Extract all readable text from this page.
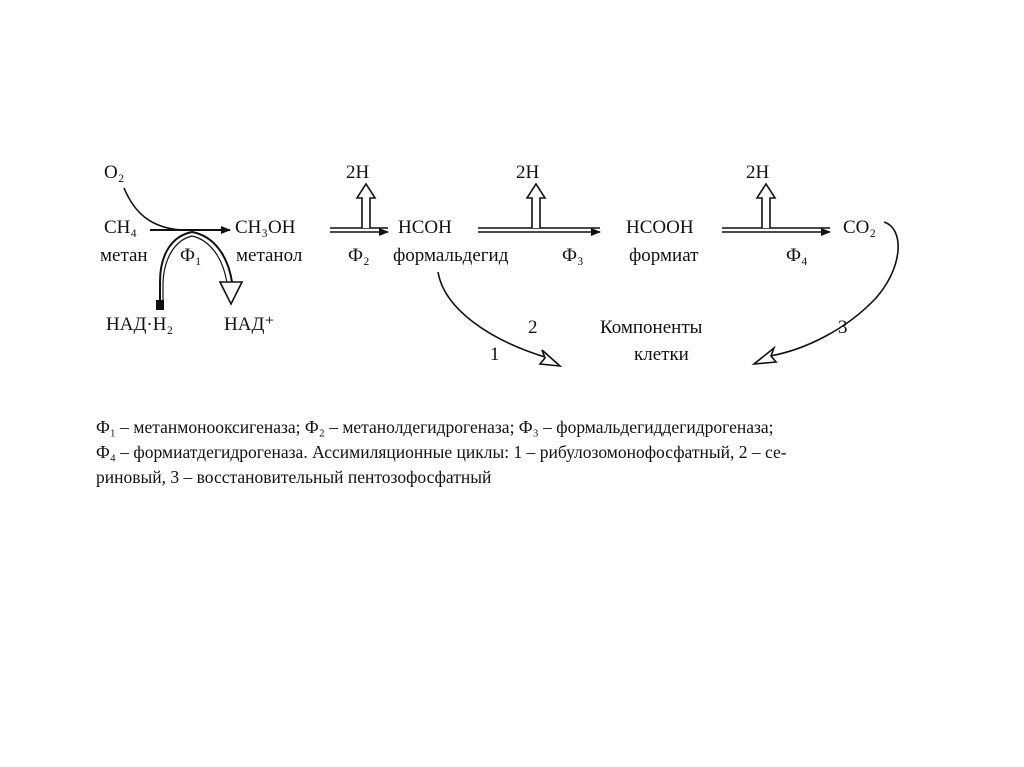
O₂
CH₄
метан
CH₃OH
метанол
HCOH
формальдегид
HCOOH
формиат
CO₂
НАД·Н₂	НАД⁺	Компоненты
клетки
Ф₁	Ф₂	Ф₃	Ф₄
2H	2H	2H
1
2	3

Ф₁ – метанмонооксигеназа; Ф₂ – метанолдегидрогеназа; Ф₃ – формальдегиддегидрогеназа;

Ф₄ – формиатдегидрогеназа. Ассимиляционные циклы: 1 – рибулозомонофосфатный, 2 – се-

риновый, 3 – восстановительный пентозофосфатный
